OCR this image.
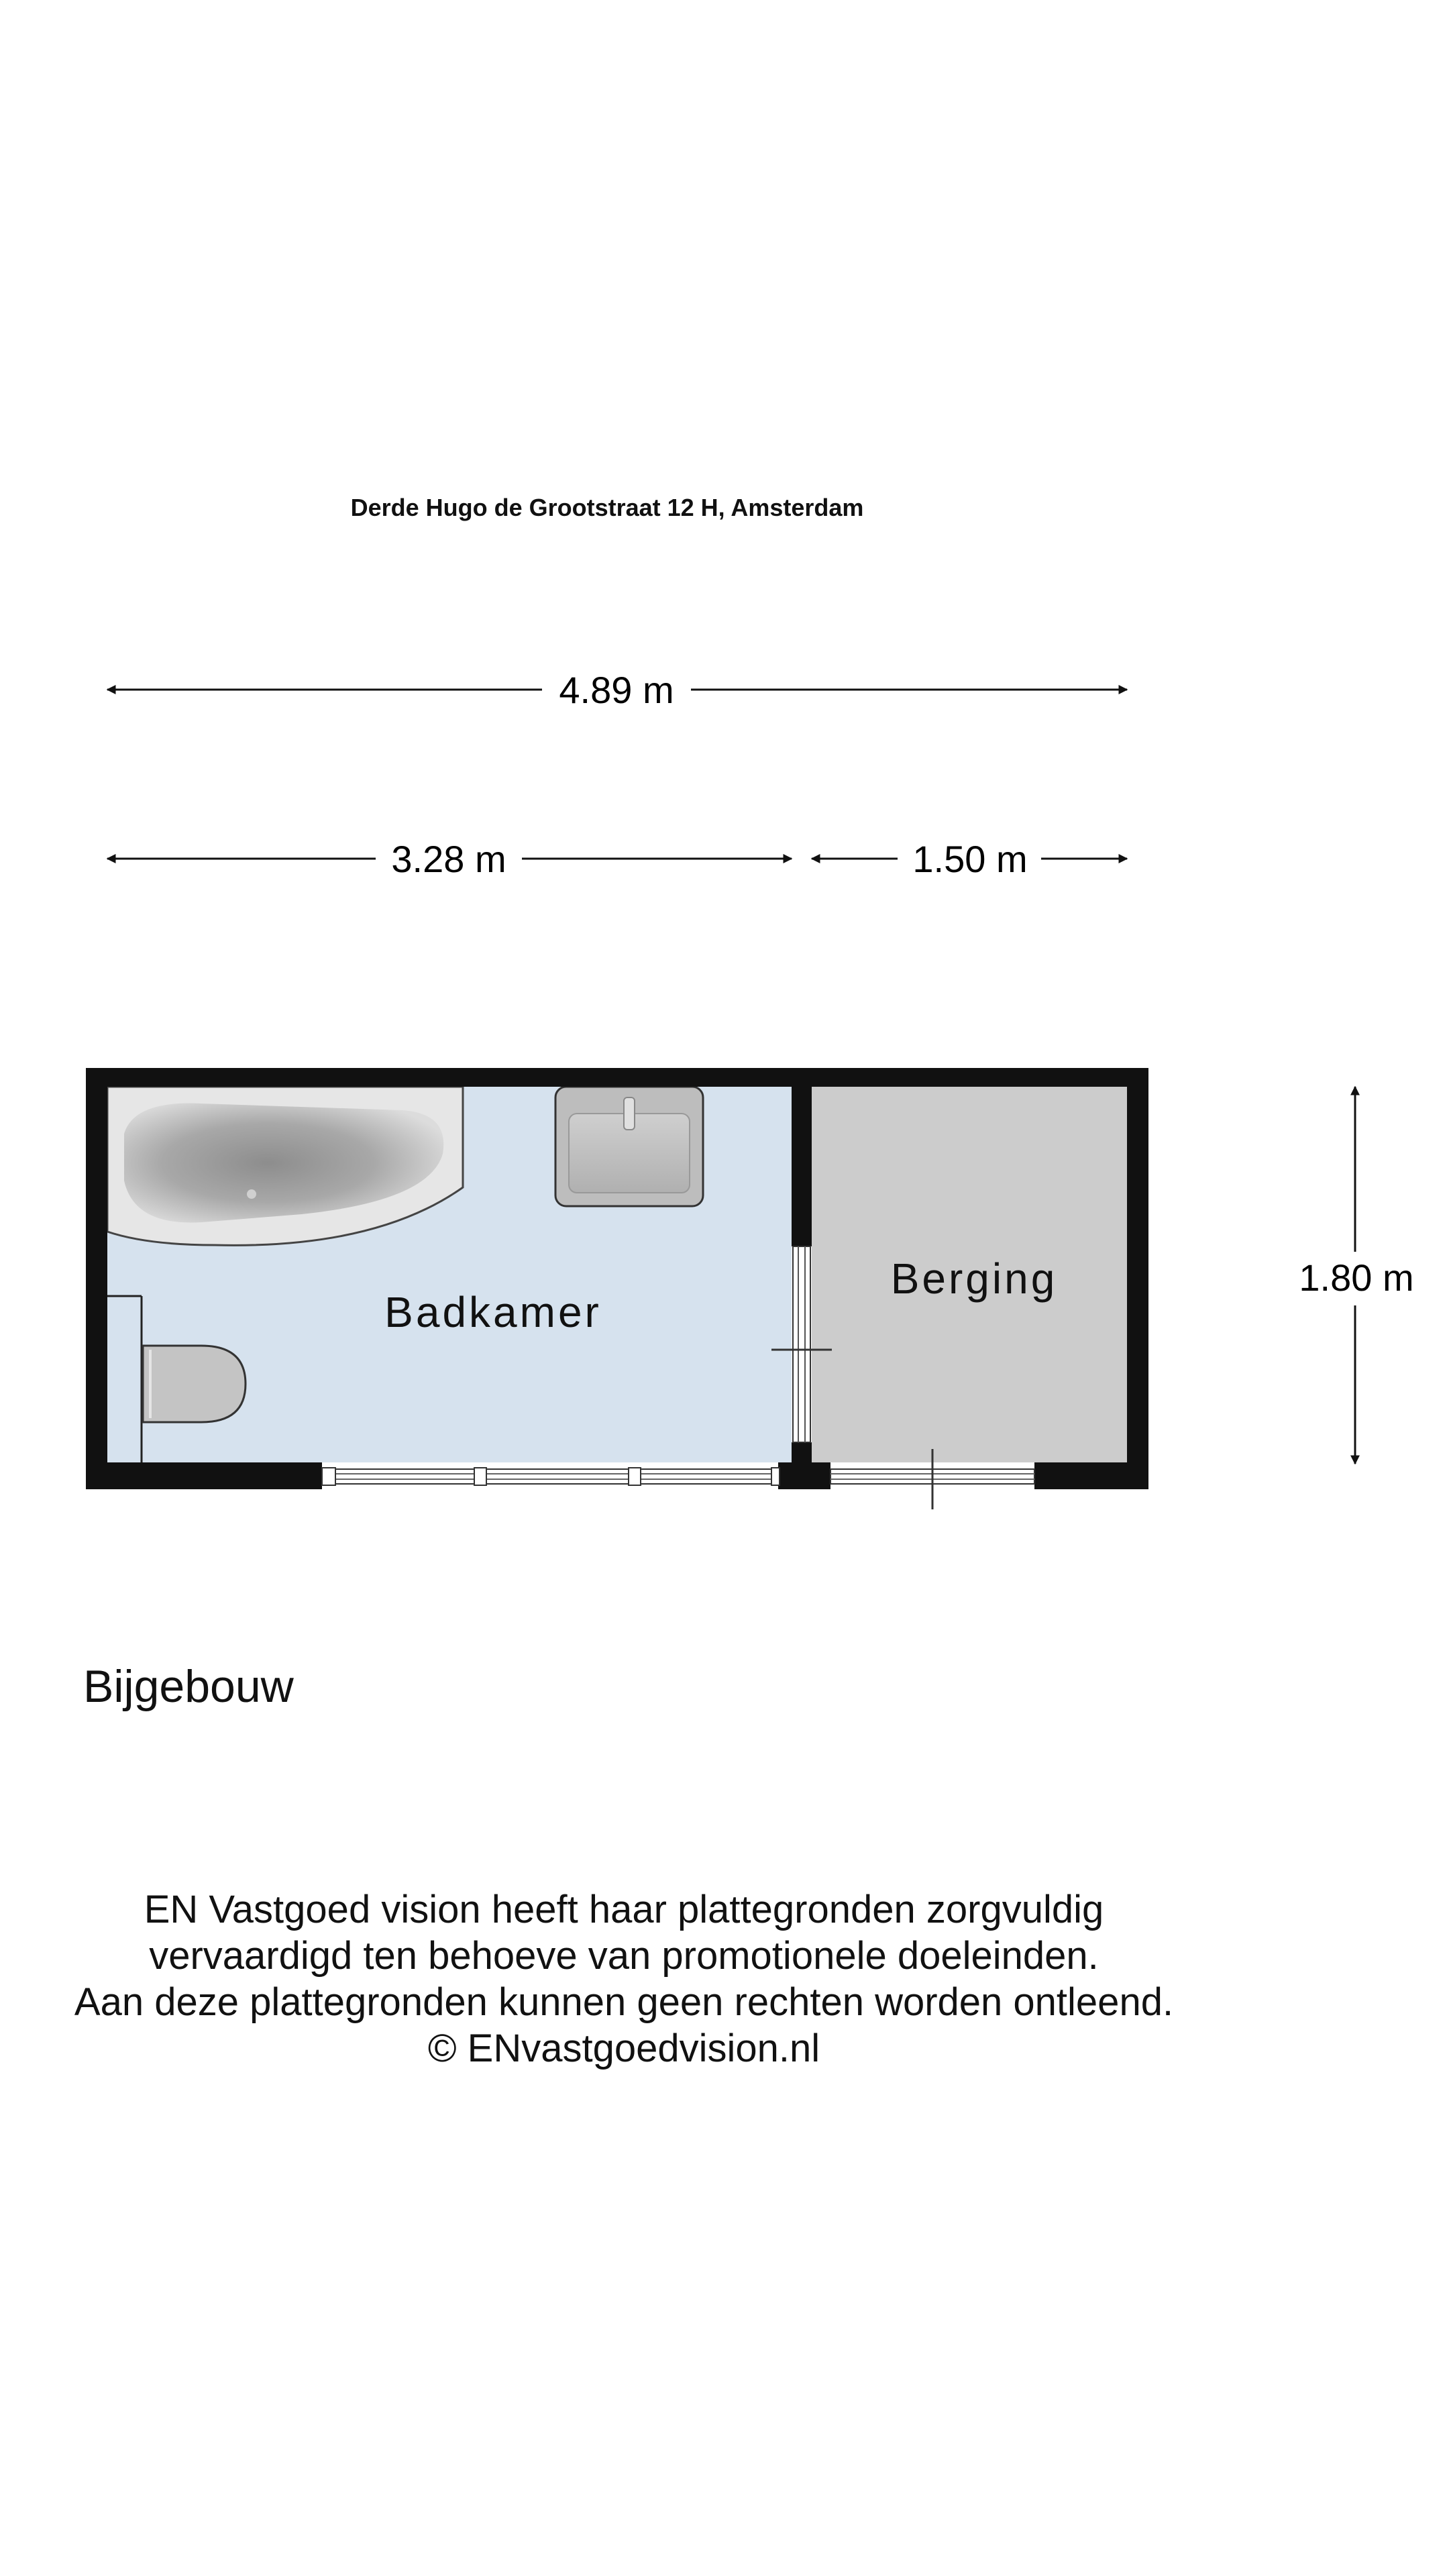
Derde Hugo de Grootstraat 12 H, Amsterdam
4.89 m
3.28 m	1.50 m
1.80 m
Badkamer
Berging
Bijgebouw
EN Vastgoed vision heeft haar plattegronden zorgvuldig
vervaardigd ten behoeve van promotionele doeleinden.
Aan deze plattegronden kunnen geen rechten worden ontleend.
© ENvastgoedvision.nl
